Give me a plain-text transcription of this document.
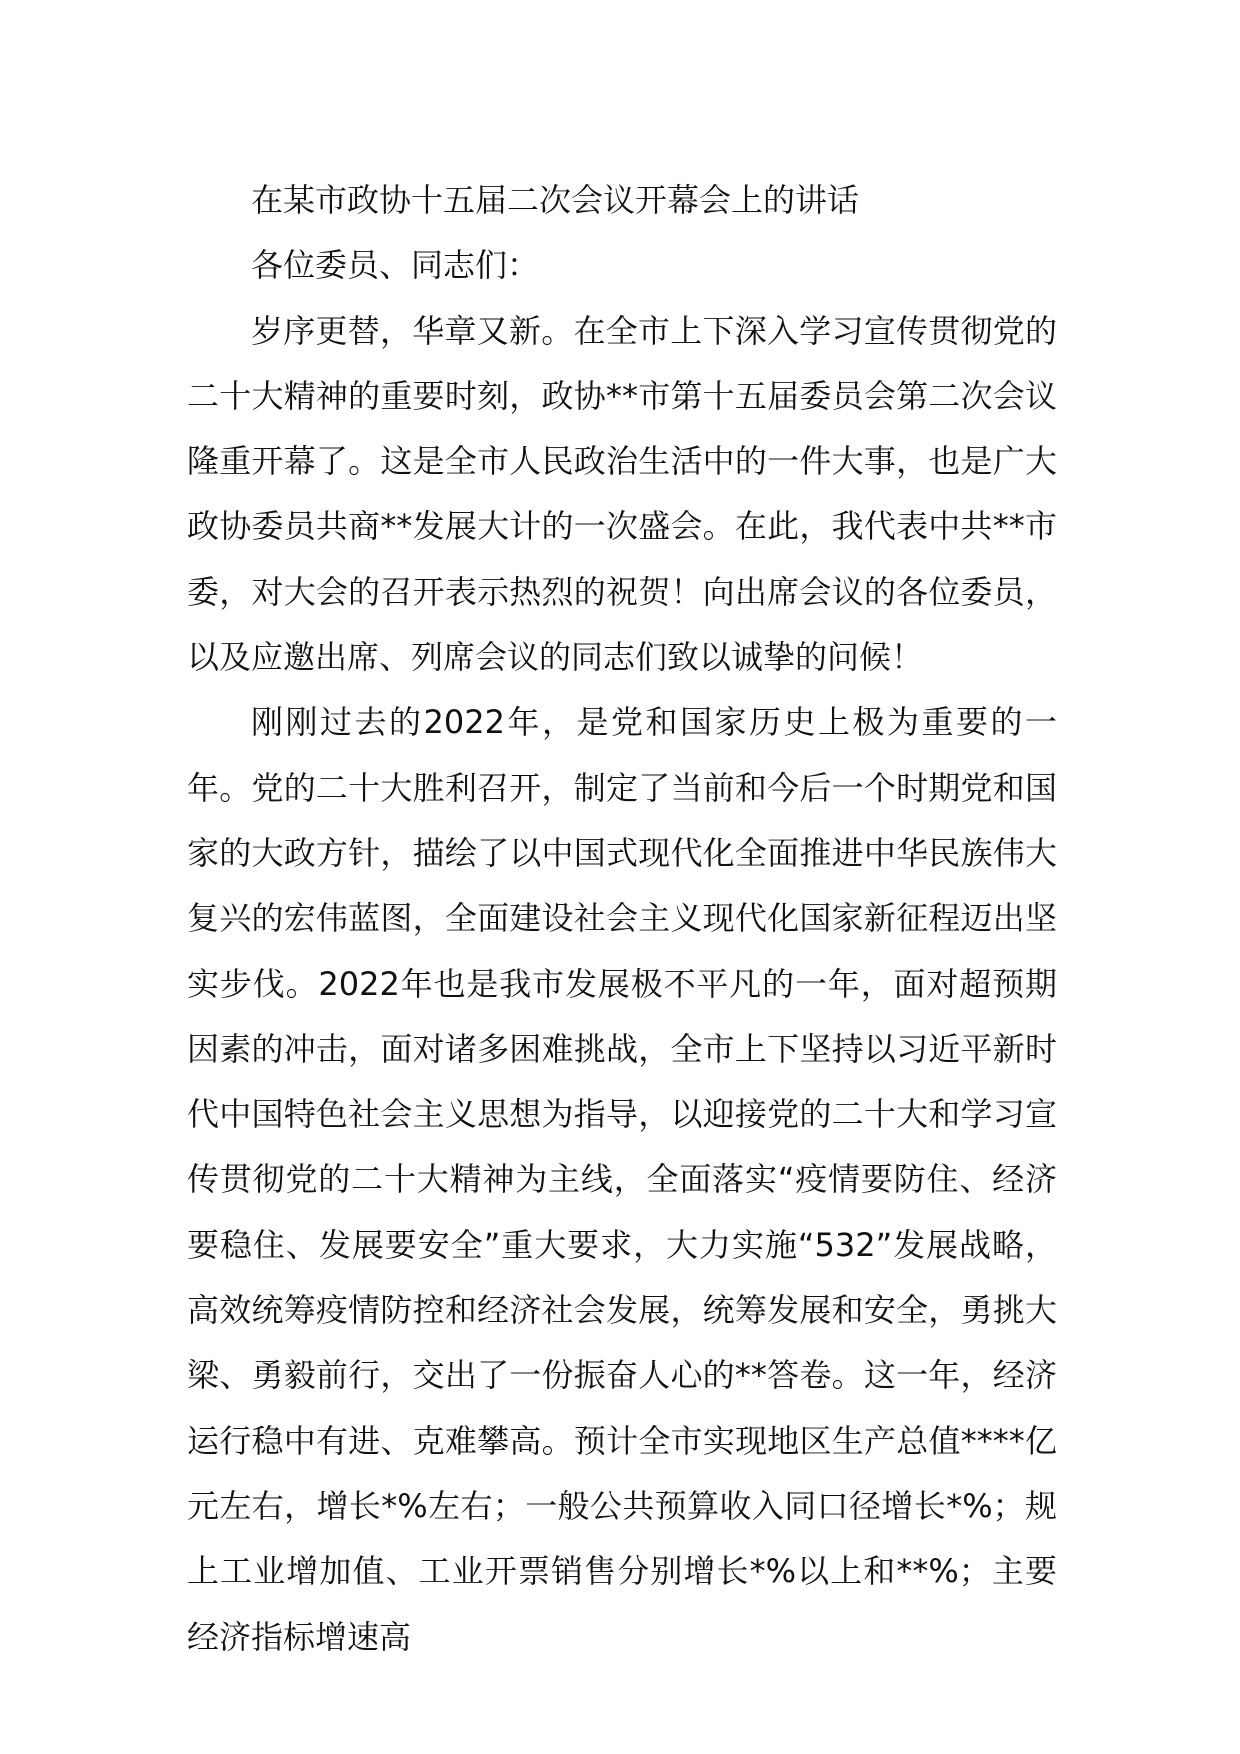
在某市政协十五届二次会议开幕会上的讲话

各位委员、同志们：

岁序更替，华章又新。在全市上下深入学习宣传贯彻党的二十大精神的重要时刻，政协**市第十五届委员会第二次会议隆重开幕了。这是全市人民政治生活中的一件大事，也是广大政协委员共商**发展大计的一次盛会。在此，我代表中共**市委，对大会的召开表示热烈的祝贺！向出席会议的各位委员，以及应邀出席、列席会议的同志们致以诚挚的问候！

刚刚过去的2022年，是党和国家历史上极为重要的一年。党的二十大胜利召开，制定了当前和今后一个时期党和国家的大政方针，描绘了以中国式现代化全面推进中华民族伟大复兴的宏伟蓝图，全面建设社会主义现代化国家新征程迈出坚实步伐。2022年也是我市发展极不平凡的一年，面对超预期因素的冲击，面对诸多困难挑战，全市上下坚持以习近平新时代中国特色社会主义思想为指导，以迎接党的二十大和学习宣传贯彻党的二十大精神为主线，全面落实“疫情要防住、经济要稳住、发展要安全”重大要求，大力实施“532”发展战略，高效统筹疫情防控和经济社会发展，统筹发展和安全，勇挑大梁、勇毅前行，交出了一份振奋人心的**答卷。这一年，经济运行稳中有进、克难攀高。预计全市实现地区生产总值****亿元左右，增长*%左右；一般公共预算收入同口径增长*%；规上工业增加值、工业开票销售分别增长*%以上和**%；主要经济指标增速高
